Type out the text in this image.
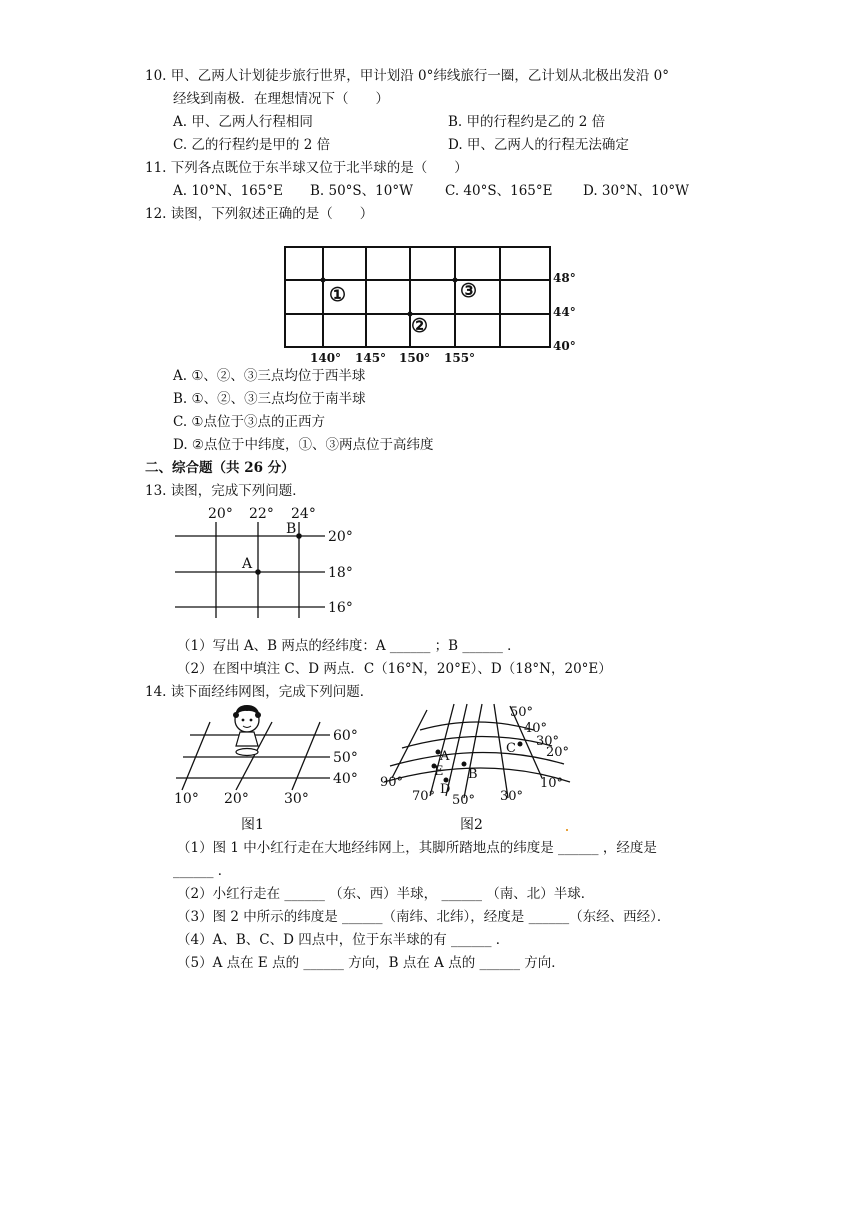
10. 甲、乙两人计划徒步旅行世界，甲计划沿 0°纬线旅行一圈，乙计划从北极出发沿 0°
经线到南极．在理想情况下（　　）
A. 甲、乙两人行程相同	B. 甲的行程约是乙的 2 倍
C. 乙的行程约是甲的 2 倍	D. 甲、乙两人的行程无法确定
11. 下列各点既位于东半球又位于北半球的是（　　）
A. 10°N、165°E B. 50°S、10°W C. 40°S、165°E D. 30°N、10°W
12. 读图，下列叙述正确的是（　　）
①
②
③
48°
44°
40°
140° 145° 150° 155°
A. ①、②、③三点均位于西半球
B. ①、②、③三点均位于南半球
C. ①点位于③点的正西方
D. ②点位于中纬度，①、③两点位于高纬度
二、综合题（共 26 分）
13. 读图，完成下列问题．
A
B
20° 22° 24°
20°
18°
16°
（1）写出 A、B 两点的经纬度：A ______ ；B ______ ．
（2）在图中填注 C、D 两点．C（16°N，20°E）、D（18°N，20°E）
14. 读下面经纬网图，完成下列问题．
60°
50°
40°
10° 20°	30°
A
B
C
D
E
50°
40°
30°
20°
10°
90°
70° 50° 30°
图1	图2
（1）图 1 中小红行走在大地经纬网上，其脚所踏地点的纬度是 ______ ，经度是
______ ．
（2）小红行走在 ______ （东、西）半球， ______ （南、北）半球．
（3）图 2 中所示的纬度是 ______（南纬、北纬），经度是 ______（东经、西经）．
（4）A、B、C、D 四点中，位于东半球的有 ______ ．
（5）A 点在 E 点的 ______ 方向，B 点在 A 点的 ______ 方向．
